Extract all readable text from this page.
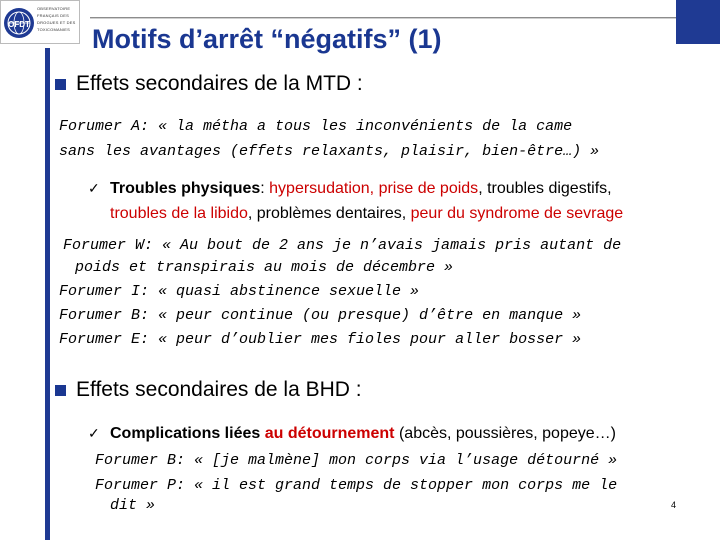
OFDT
OBSERVATOIRE
FRANÇAIS DES
DROGUES ET DES
TOXICOMANIES Motifs d’arrêt “négatifs” (1)
Effets secondaires de la MTD :
Forumer A: « la métha a tous les inconvénients de la came
sans les avantages (effets relaxants, plaisir, bien-être…) »
✓ Troubles physiques: hypersudation, prise de poids, troubles digestifs,
troubles de la libido, problèmes dentaires, peur du syndrome de sevrage
Forumer W: « Au bout de 2 ans je n’avais jamais pris autant de
poids et transpirais au mois de décembre »
Forumer I: « quasi abstinence sexuelle »
Forumer B: « peur continue (ou presque) d’être en manque »
Forumer E: « peur d’oublier mes fioles pour aller bosser »
Effets secondaires de la BHD :
✓ Complications liées au détournement (abcès, poussières, popeye…)
Forumer B: « [je malmène] mon corps via l’usage détourné »
Forumer P: « il est grand temps de stopper mon corps me le
dit »	4
